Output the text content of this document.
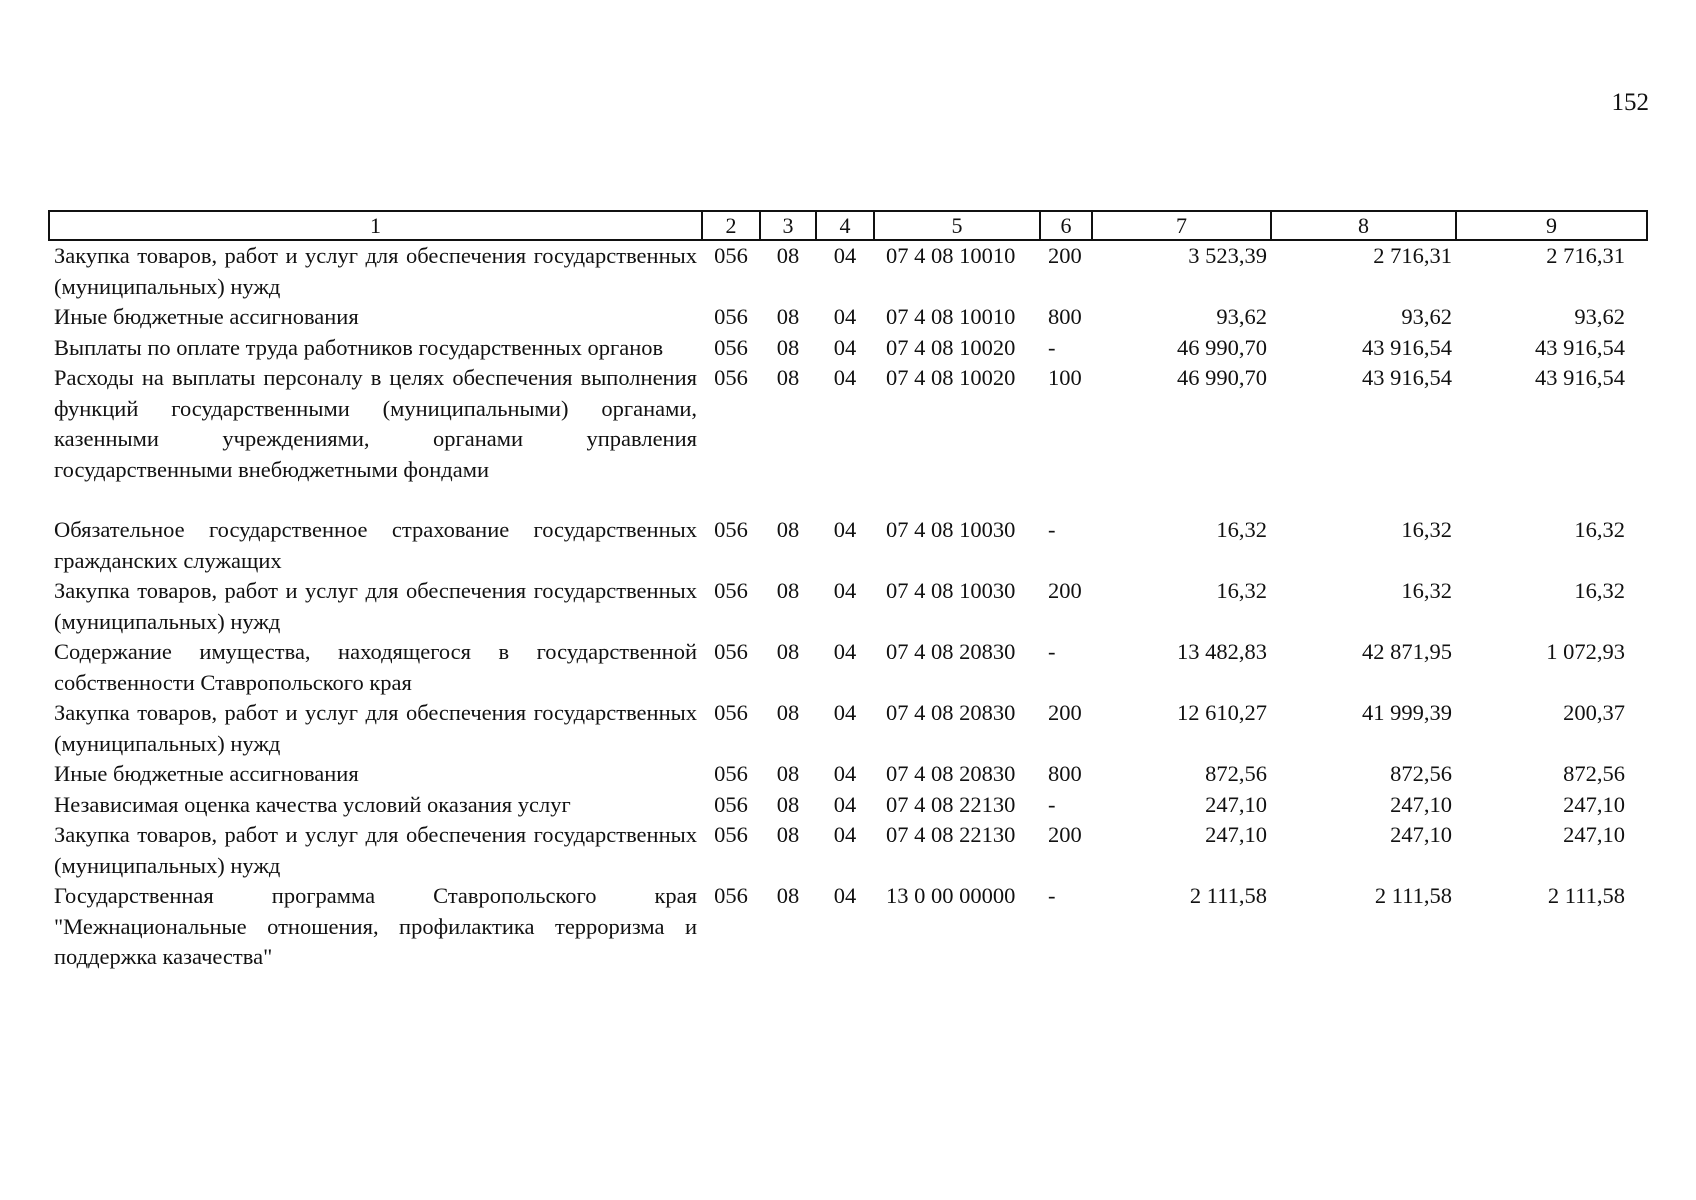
152
1	2	3	4	5	6	7	8	9
Закупка товаров, работ и услуг для обеспечения государственных (муниципальных) нужд	056	08	04	07 4 08 10010	200	3 523,39	2 716,31	2 716,31
Иные бюджетные ассигнования	056	08	04	07 4 08 10010	800	93,62	93,62	93,62
Выплаты по оплате труда работников государственных органов	056	08	04	07 4 08 10020	-	46 990,70	43 916,54	43 916,54
Расходы на выплаты персоналу в целях обеспечения выполнения функций государственными (муниципальными) органами, казенными учреждениями, органами управления государственными внебюджетными фондами	056	08	04	07 4 08 10020	100	46 990,70	43 916,54	43 916,54
Обязательное государственное страхование государственных гражданских служащих	056	08	04	07 4 08 10030	-	16,32	16,32	16,32
Закупка товаров, работ и услуг для обеспечения государственных (муниципальных) нужд	056	08	04	07 4 08 10030	200	16,32	16,32	16,32
Содержание имущества, находящегося в государственной собственности Ставропольского края	056	08	04	07 4 08 20830	-	13 482,83	42 871,95	1 072,93
Закупка товаров, работ и услуг для обеспечения государственных (муниципальных) нужд	056	08	04	07 4 08 20830	200	12 610,27	41 999,39	200,37
Иные бюджетные ассигнования	056	08	04	07 4 08 20830	800	872,56	872,56	872,56
Независимая оценка качества условий оказания услуг	056	08	04	07 4 08 22130	-	247,10	247,10	247,10
Закупка товаров, работ и услуг для обеспечения государственных (муниципальных) нужд	056	08	04	07 4 08 22130	200	247,10	247,10	247,10
Государственная программа Ставропольского края "Межнациональные отношения, профилактика терроризма и поддержка казачества"	056	08	04	13 0 00 00000	-	2 111,58	2 111,58	2 111,58
